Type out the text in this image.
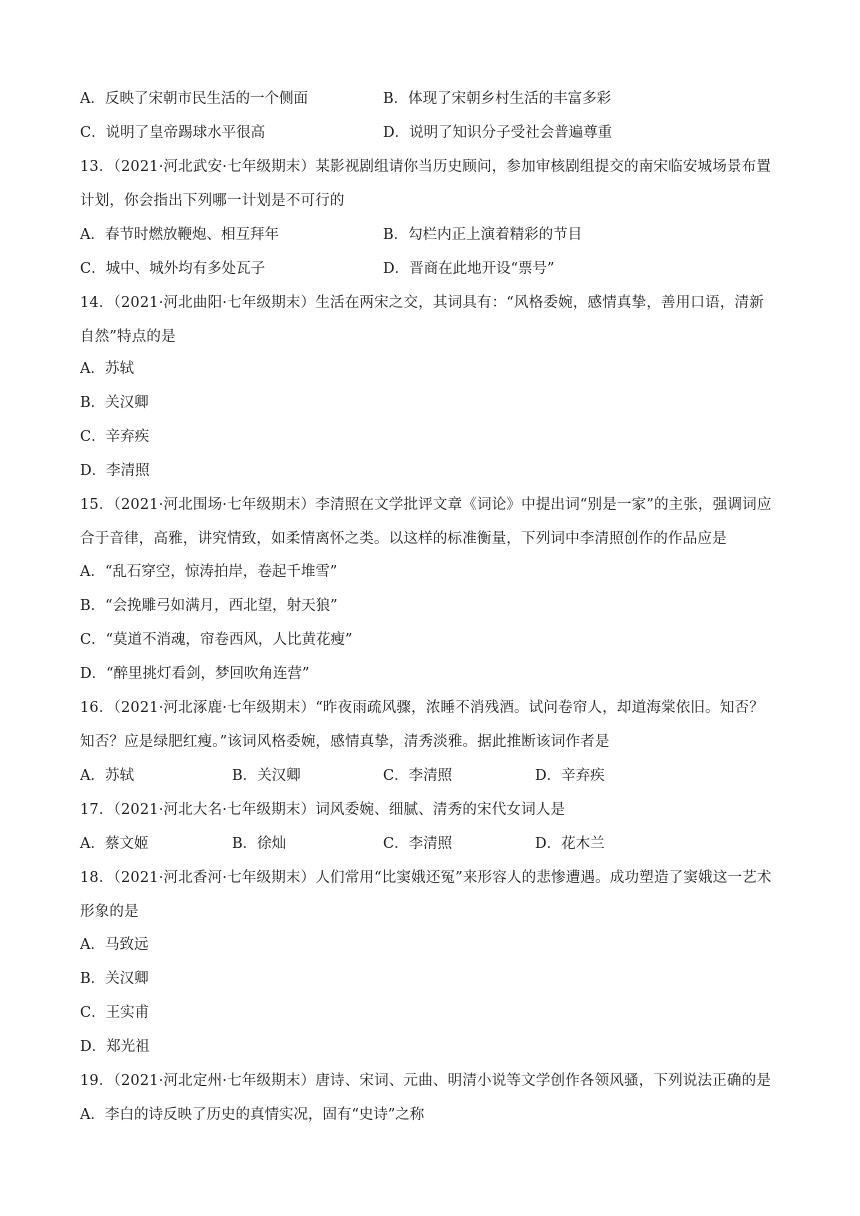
A．反映了宋朝市民生活的一个侧面	B．体现了宋朝乡村生活的丰富多彩
C．说明了皇帝踢球水平很高	D．说明了知识分子受社会普遍尊重
13．（2021·河北武安·七年级期末）某影视剧组请你当历史顾问，参加审核剧组提交的南宋临安城场景布置
计划，你会指出下列哪一计划是不可行的
A．春节时燃放鞭炮、相互拜年	B．勾栏内正上演着精彩的节目
C．城中、城外均有多处瓦子	D．晋商在此地开设“票号”
14．（2021·河北曲阳·七年级期末）生活在两宋之交，其词具有：“风格委婉，感情真挚，善用口语，清新
自然”特点的是
A．苏轼
B．关汉卿
C．辛弃疾
D．李清照
15．（2021·河北围场·七年级期末）李清照在文学批评文章《词论》中提出词“别是一家”的主张，强调词应
合于音律，高雅，讲究情致，如柔情离怀之类。以这样的标准衡量，下列词中李清照创作的作品应是
A．“乱石穿空，惊涛拍岸，卷起千堆雪”
B．“会挽雕弓如满月，西北望，射天狼”
C．“莫道不消魂，帘卷西风，人比黄花瘦”
D．“醉里挑灯看剑，梦回吹角连营”
16．（2021·河北涿鹿·七年级期末）“昨夜雨疏风骤，浓睡不消残酒。试问卷帘人，却道海棠依旧。知否？
知否？应是绿肥红瘦。”该词风格委婉，感情真挚，清秀淡雅。据此推断该词作者是
A．苏轼	B．关汉卿	C．李清照	D．辛弃疾
17．（2021·河北大名·七年级期末）词风委婉、细腻、清秀的宋代女词人是
A．蔡文姬	B．徐灿	C．李清照	D．花木兰
18．（2021·河北香河·七年级期末）人们常用“比窦娥还冤”来形容人的悲惨遭遇。成功塑造了窦娥这一艺术
形象的是
A．马致远
B．关汉卿
C．王实甫
D．郑光祖
19．（2021·河北定州·七年级期末）唐诗、宋词、元曲、明清小说等文学创作各领风骚，下列说法正确的是
A．李白的诗反映了历史的真情实况，固有“史诗”之称
